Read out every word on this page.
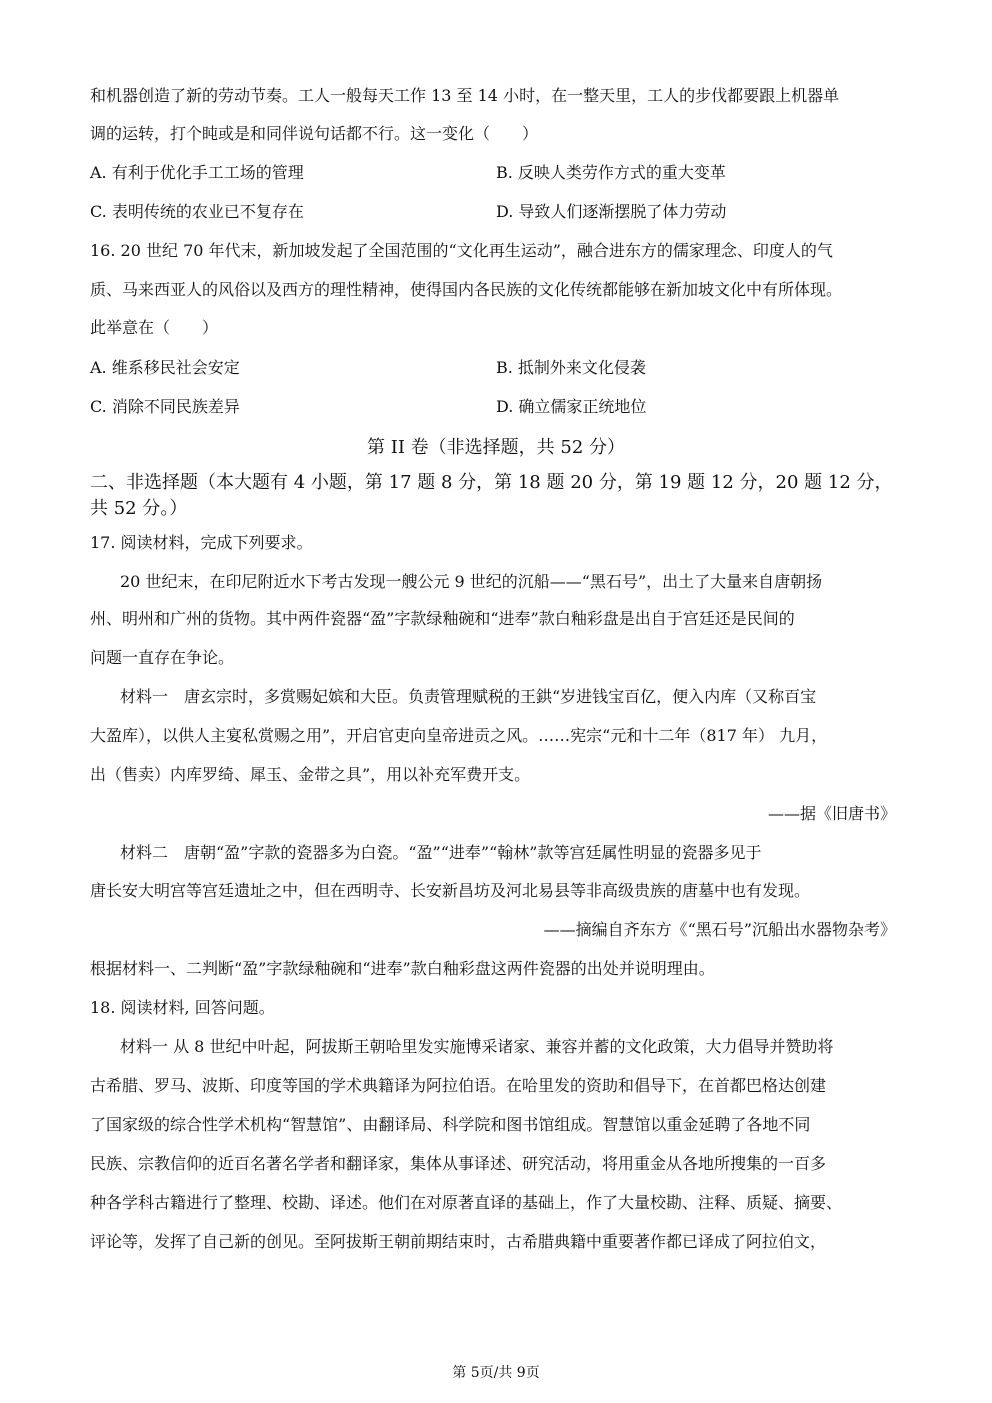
和机器创造了新的劳动节奏。工人一般每天工作 13 至 14 小时，在一整天里，工人的步伐都要跟上机器单
调的运转，打个盹或是和同伴说句话都不行。这一变化（　　）
A. 有利于优化手工工场的管理	B. 反映人类劳作方式的重大变革
C. 表明传统的农业已不复存在	D. 导致人们逐渐摆脱了体力劳动
16. 20 世纪 70 年代末，新加坡发起了全国范围的“文化再生运动”，融合进东方的儒家理念、印度人的气
质、马来西亚人的风俗以及西方的理性精神，使得国内各民族的文化传统都能够在新加坡文化中有所体现。
此举意在（　　）
A. 维系移民社会安定	B. 抵制外来文化侵袭
C. 消除不同民族差异	D. 确立儒家正统地位
第 II 卷（非选择题，共 52 分）
二、非选择题（本大题有 4 小题，第 17 题 8 分，第 18 题 20 分，第 19 题 12 分，20 题 12 分，
共 52 分。）
17. 阅读材料，完成下列要求。
20 世纪末，在印尼附近水下考古发现一艘公元 9 世纪的沉船——“黑石号”，出土了大量来自唐朝扬
州、明州和广州的货物。其中两件瓷器“盈”字款绿釉碗和“进奉”款白釉彩盘是出自于宫廷还是民间的
问题一直存在争论。
材料一　唐玄宗时，多赏赐妃嫔和大臣。负责管理赋税的王鉷“岁进钱宝百亿，便入内库（又称百宝
大盈库），以供人主宴私赏赐之用”，开启官吏向皇帝进贡之风。……宪宗“元和十二年（817 年） 九月，
出（售卖）内库罗绮、犀玉、金带之具”，用以补充军费开支。
——据《旧唐书》
材料二　唐朝“盈”字款的瓷器多为白瓷。“盈”“进奉”“翰林”款等宫廷属性明显的瓷器多见于
唐长安大明宫等宫廷遗址之中，但在西明寺、长安新昌坊及河北易县等非高级贵族的唐墓中也有发现。
——摘编自齐东方《“黑石号”沉船出水器物杂考》
根据材料一、二判断“盈”字款绿釉碗和“进奉”款白釉彩盘这两件瓷器的出处并说明理由。
18. 阅读材料, 回答问题。
材料一 从 8 世纪中叶起，阿拔斯王朝哈里发实施博采诸家、兼容并蓄的文化政策，大力倡导并赞助将
古希腊、罗马、波斯、印度等国的学术典籍译为阿拉伯语。在哈里发的资助和倡导下，在首都巴格达创建
了国家级的综合性学术机构“智慧馆”、由翻译局、科学院和图书馆组成。智慧馆以重金延聘了各地不同
民族、宗教信仰的近百名著名学者和翻译家，集体从事译述、研究活动，将用重金从各地所搜集的一百多
种各学科古籍进行了整理、校勘、译述。他们在对原著直译的基础上，作了大量校勘、注释、质疑、摘要、
评论等，发挥了自己新的创见。至阿拔斯王朝前期结束时，古希腊典籍中重要著作都已译成了阿拉伯文，
第 5页/共 9页
